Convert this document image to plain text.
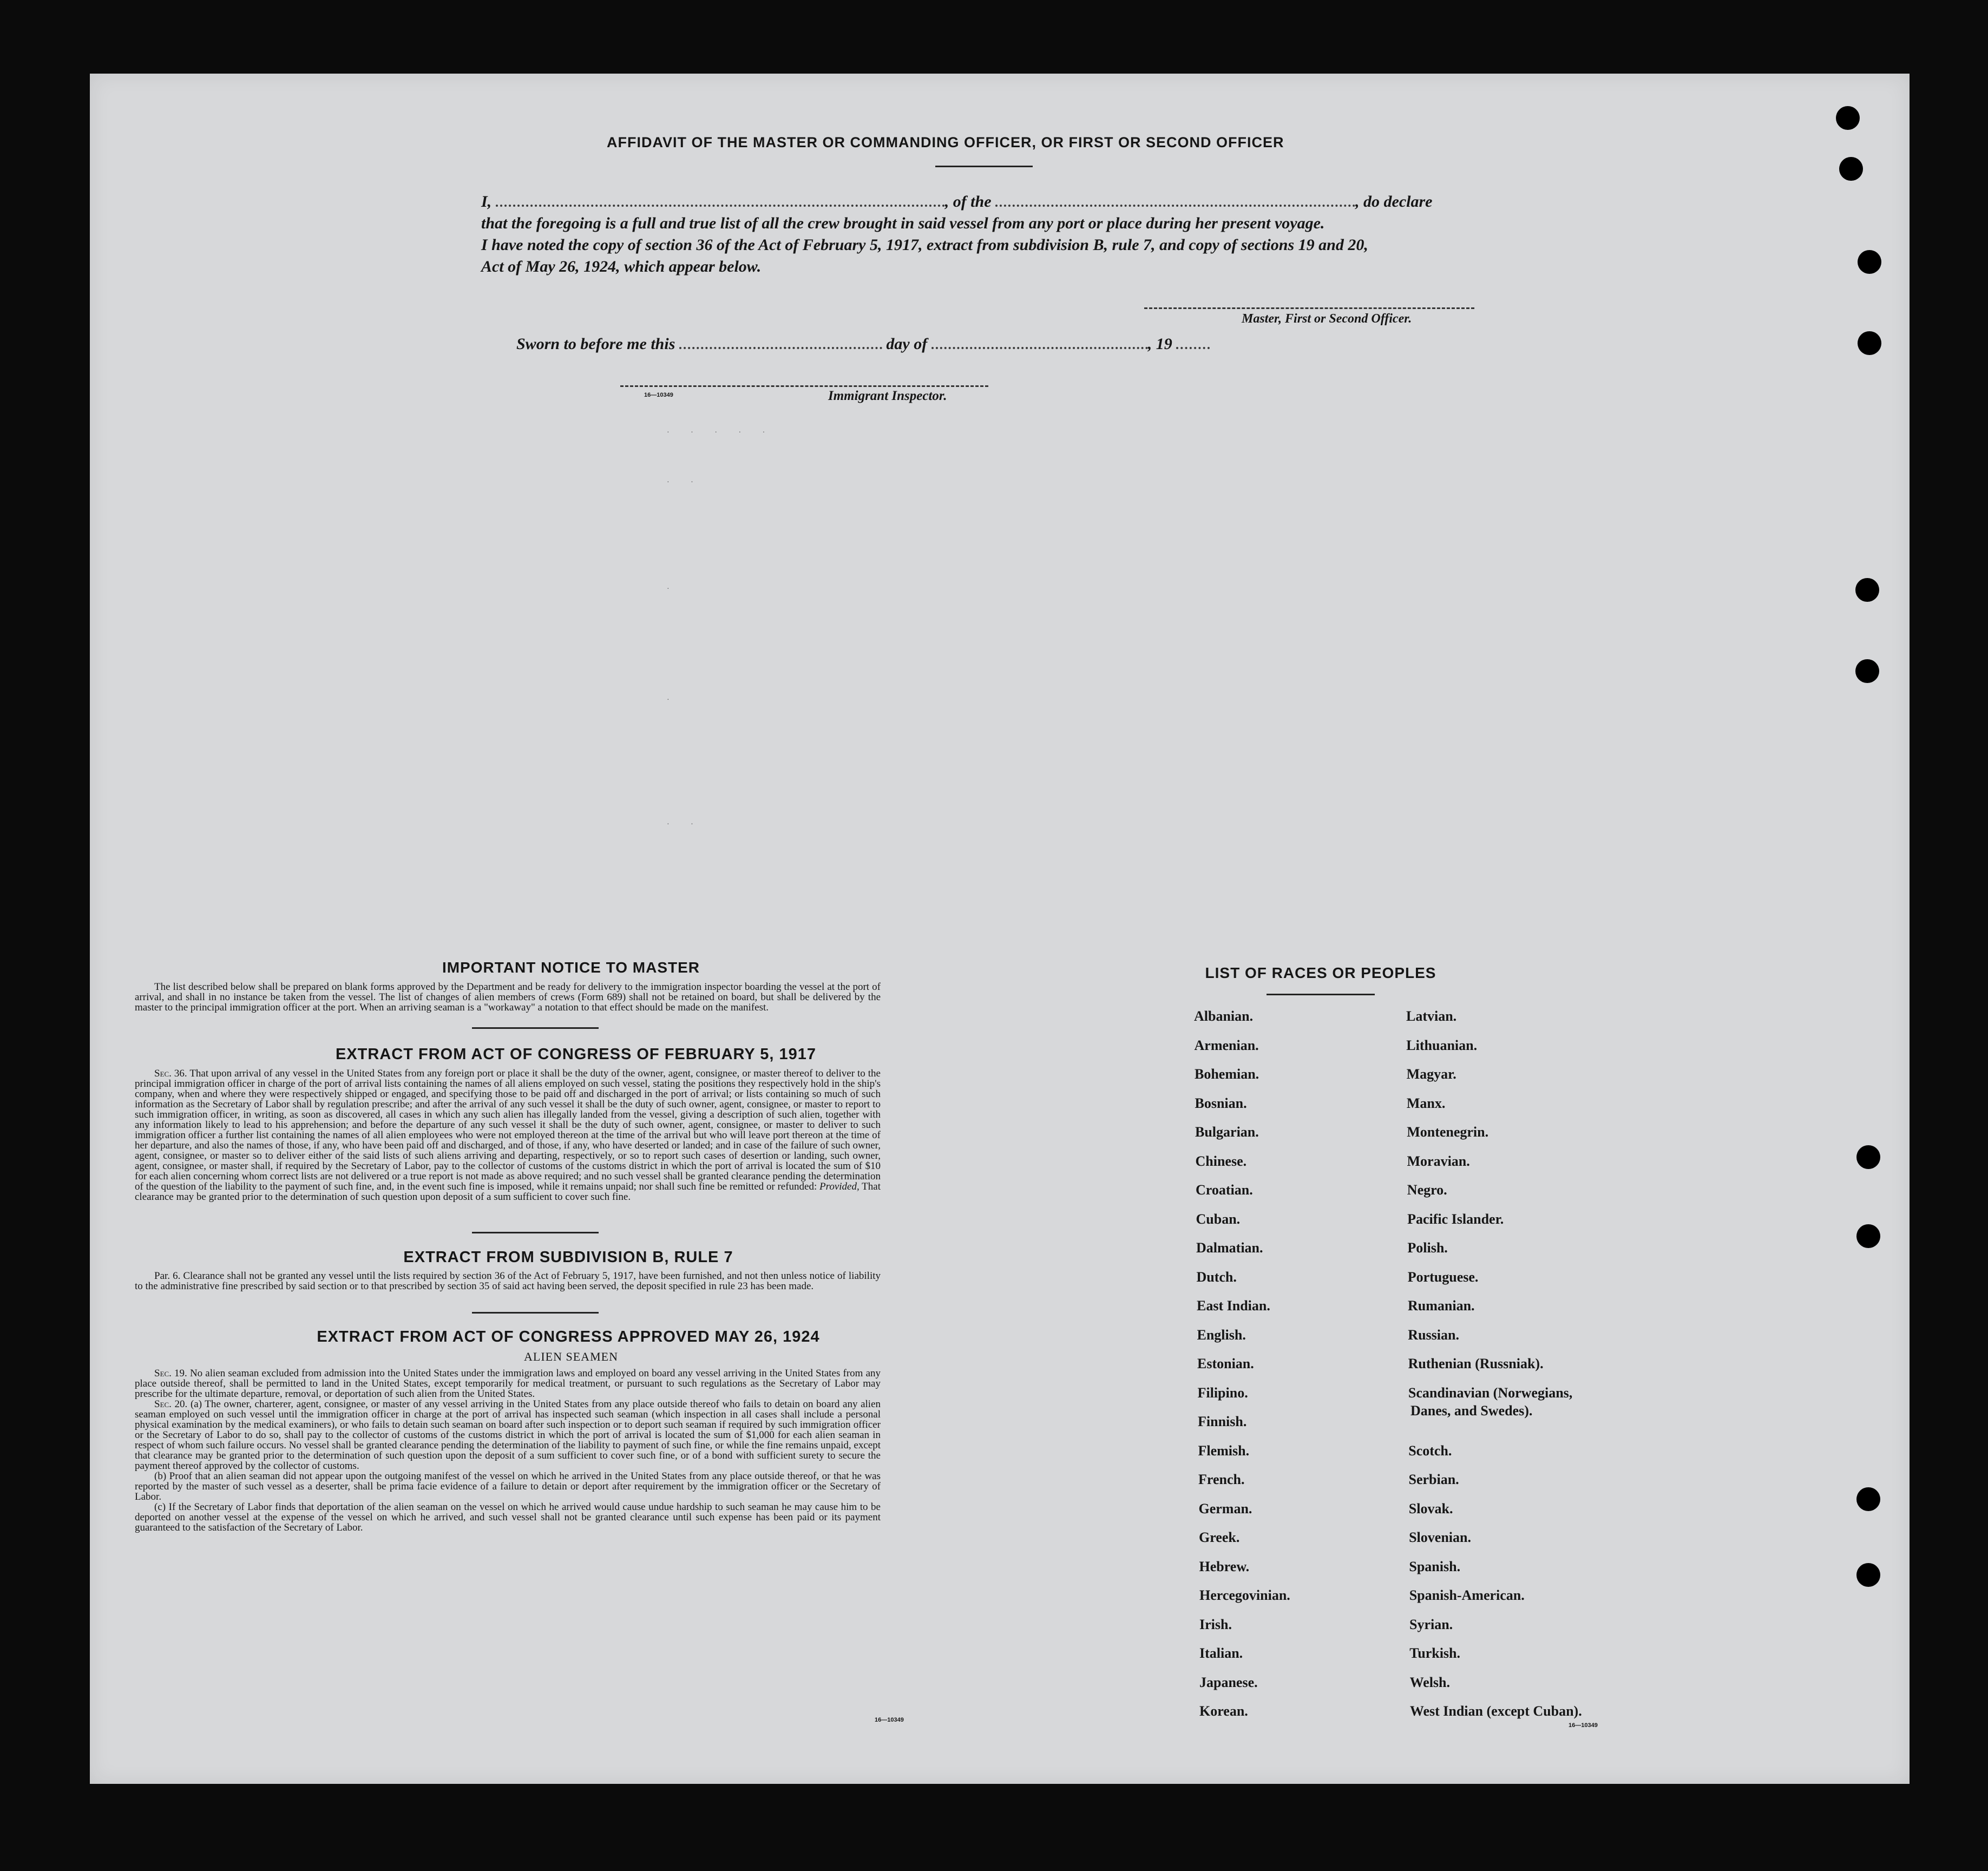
AFFIDAVIT OF THE MASTER OR COMMANDING OFFICER, OR FIRST OR SECOND OFFICER
I,	, of the	, do declare
that the foregoing is a full and true list of all the crew brought in said vessel from any port or place during her present voyage.
I have noted the copy of section 36 of the Act of February 5, 1917, extract from subdivision B, rule 7, and copy of sections 19 and 20,
Act of May 26, 1924, which appear below.
Master, First or Second Officer.
Sworn to before me this	day of	, 19
16—10349	Immigrant Inspector.
· · · · ·
· ·
·
·
· ·
IMPORTANT NOTICE TO MASTER

The list described below shall be prepared on blank forms approved by the Department and be ready for delivery to the immigration inspector boarding the vessel at the port of arrival, and shall in no instance be taken from the vessel. The list of changes of alien members of crews (Form 689) shall not be retained on board, but shall be delivered by the master to the principal immigration officer at the port. When an arriving seaman is a "workaway" a notation to that effect should be made on the manifest.

EXTRACT FROM ACT OF CONGRESS OF FEBRUARY 5, 1917

Sec. 36. That upon arrival of any vessel in the United States from any foreign port or place it shall be the duty of the owner, agent, consignee, or master thereof to deliver to the principal immigration officer in charge of the port of arrival lists containing the names of all aliens employed on such vessel, stating the positions they respectively hold in the ship's company, when and where they were respectively shipped or engaged, and specifying those to be paid off and discharged in the port of arrival; or lists containing so much of such information as the Secretary of Labor shall by regulation prescribe; and after the arrival of any such vessel it shall be the duty of such owner, agent, consignee, or master to report to such immigration officer, in writing, as soon as discovered, all cases in which any such alien has illegally landed from the vessel, giving a description of such alien, together with any information likely to lead to his apprehension; and before the departure of any such vessel it shall be the duty of such owner, agent, consignee, or master to deliver to such immigration officer a further list containing the names of all alien employees who were not employed thereon at the time of the arrival but who will leave port thereon at the time of her departure, and also the names of those, if any, who have been paid off and discharged, and of those, if any, who have deserted or landed; and in case of the failure of such owner, agent, consignee, or master so to deliver either of the said lists of such aliens arriving and departing, respectively, or so to report such cases of desertion or landing, such owner, agent, consignee, or master shall, if required by the Secretary of Labor, pay to the collector of customs of the customs district in which the port of arrival is located the sum of $10 for each alien concerning whom correct lists are not delivered or a true report is not made as above required; and no such vessel shall be granted clearance pending the determination of the question of the liability to the payment of such fine, and, in the event such fine is imposed, while it remains unpaid; nor shall such fine be remitted or refunded: Provided, That clearance may be granted prior to the determination of such question upon deposit of a sum sufficient to cover such fine.

EXTRACT FROM SUBDIVISION B, RULE 7

Par. 6. Clearance shall not be granted any vessel until the lists required by section 36 of the Act of February 5, 1917, have been furnished, and not then unless notice of liability to the administrative fine prescribed by said section or to that prescribed by section 35 of said act having been served, the deposit specified in rule 23 has been made.

EXTRACT FROM ACT OF CONGRESS APPROVED MAY 26, 1924
ALIEN SEAMEN

Sec. 19. No alien seaman excluded from admission into the United States under the immigration laws and employed on board any vessel arriving in the United States from any place outside thereof, shall be permitted to land in the United States, except temporarily for medical treatment, or pursuant to such regulations as the Secretary of Labor may prescribe for the ultimate departure, removal, or deportation of such alien from the United States.

Sec. 20. (a) The owner, charterer, agent, consignee, or master of any vessel arriving in the United States from any place outside thereof who fails to detain on board any alien seaman employed on such vessel until the immigration officer in charge at the port of arrival has inspected such seaman (which inspection in all cases shall include a personal physical examination by the medical examiners), or who fails to detain such seaman on board after such inspection or to deport such seaman if required by such immigration officer or the Secretary of Labor to do so, shall pay to the collector of customs of the customs district in which the port of arrival is located the sum of $1,000 for each alien seaman in respect of whom such failure occurs. No vessel shall be granted clearance pending the determination of the liability to payment of such fine, or while the fine remains unpaid, except that clearance may be granted prior to the determination of such question upon the deposit of a sum sufficient to cover such fine, or of a bond with sufficient surety to secure the payment thereof approved by the collector of customs.

(b) Proof that an alien seaman did not appear upon the outgoing manifest of the vessel on which he arrived in the United States from any place outside thereof, or that he was reported by the master of such vessel as a deserter, shall be prima facie evidence of a failure to detain or deport after requirement by the immigration officer or the Secretary of Labor.

(c) If the Secretary of Labor finds that deportation of the alien seaman on the vessel on which he arrived would cause undue hardship to such seaman he may cause him to be deported on another vessel at the expense of the vessel on which he arrived, and such vessel shall not be granted clearance until such expense has been paid or its payment guaranteed to the satisfaction of the Secretary of Labor.

16—10349
LIST OF RACES OR PEOPLES
Albanian.
Armenian.
Bohemian.
Bosnian.
Bulgarian.
Chinese.
Croatian.
Cuban.
Dalmatian.
Dutch.
East Indian.
English.
Estonian.
Filipino.
Finnish.
Flemish.
French.
German.
Greek.
Hebrew.
Hercegovinian.
Irish.
Italian.
Japanese.
Korean.
Latvian.
Lithuanian.
Magyar.
Manx.
Montenegrin.
Moravian.
Negro.
Pacific Islander.
Polish.
Portuguese.
Rumanian.
Russian.
Ruthenian (Russniak).
Scandinavian (Norwegians,
Scotch.
Serbian.
Slovak.
Slovenian.
Spanish.
Spanish-American.
Syrian.
Turkish.
Welsh.
West Indian (except Cuban).
Danes, and Swedes).
16—10349
